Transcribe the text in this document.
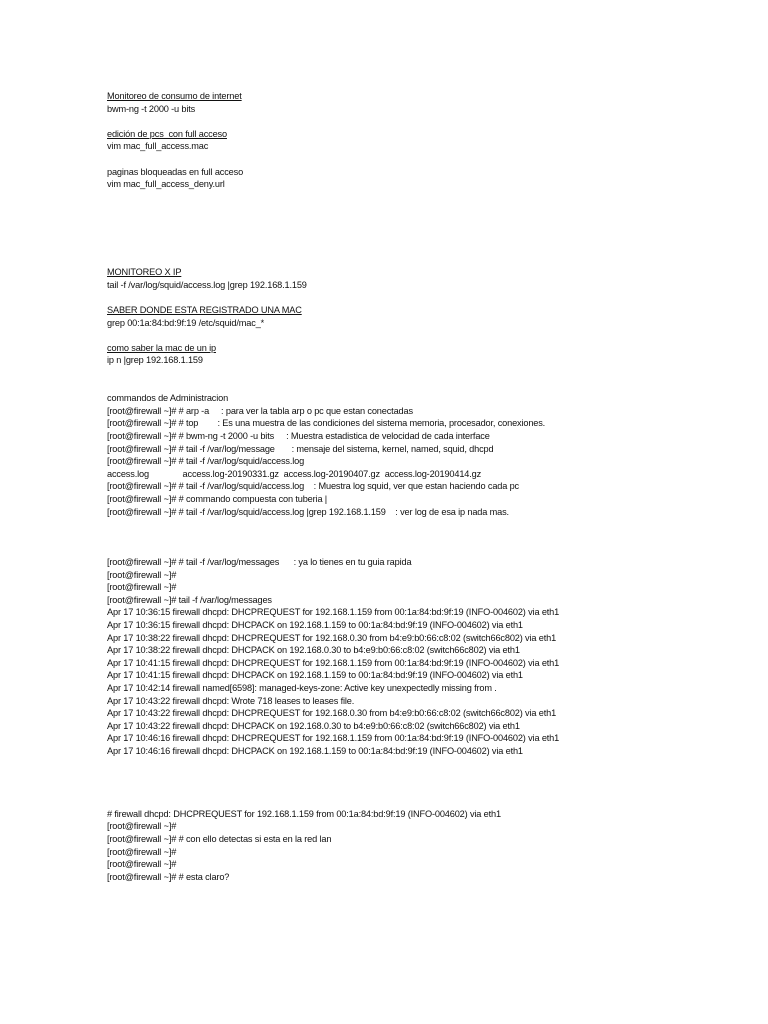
Monitoreo de consumo de internet
bwm-ng -t 2000 -u bits
edición de pcs  con full acceso
vim mac_full_access.mac
paginas bloqueadas en full acceso
vim mac_full_access_deny.url
MONITOREO X IP
tail -f /var/log/squid/access.log |grep 192.168.1.159
SABER DONDE ESTA REGISTRADO UNA MAC
grep 00:1a:84:bd:9f:19 /etc/squid/mac_*
como saber la mac de un ip
ip n |grep 192.168.1.159
commandos de Administracion
[root@firewall ~]# # arp -a     : para ver la tabla arp o pc que estan conectadas
[root@firewall ~]# # top        : Es una muestra de las condiciones del sistema memoria, procesador, conexiones.
[root@firewall ~]# # bwm-ng -t 2000 -u bits     : Muestra estadistica de velocidad de cada interface
[root@firewall ~]# # tail -f /var/log/message       : mensaje del sistema, kernel, named, squid, dhcpd
[root@firewall ~]# # tail -f /var/log/squid/access.log
access.log              access.log-20190331.gz  access.log-20190407.gz  access.log-20190414.gz
[root@firewall ~]# # tail -f /var/log/squid/access.log    : Muestra log squid, ver que estan haciendo cada pc
[root@firewall ~]# # commando compuesta con tuberia |
[root@firewall ~]# # tail -f /var/log/squid/access.log |grep 192.168.1.159    : ver log de esa ip nada mas.
[root@firewall ~]# # tail -f /var/log/messages      : ya lo tienes en tu guia rapida
[root@firewall ~]#
[root@firewall ~]#
[root@firewall ~]# tail -f /var/log/messages
Apr 17 10:36:15 firewall dhcpd: DHCPREQUEST for 192.168.1.159 from 00:1a:84:bd:9f:19 (INFO-004602) via eth1
Apr 17 10:36:15 firewall dhcpd: DHCPACK on 192.168.1.159 to 00:1a:84:bd:9f:19 (INFO-004602) via eth1
Apr 17 10:38:22 firewall dhcpd: DHCPREQUEST for 192.168.0.30 from b4:e9:b0:66:c8:02 (switch66c802) via eth1
Apr 17 10:38:22 firewall dhcpd: DHCPACK on 192.168.0.30 to b4:e9:b0:66:c8:02 (switch66c802) via eth1
Apr 17 10:41:15 firewall dhcpd: DHCPREQUEST for 192.168.1.159 from 00:1a:84:bd:9f:19 (INFO-004602) via eth1
Apr 17 10:41:15 firewall dhcpd: DHCPACK on 192.168.1.159 to 00:1a:84:bd:9f:19 (INFO-004602) via eth1
Apr 17 10:42:14 firewall named[6598]: managed-keys-zone: Active key unexpectedly missing from .
Apr 17 10:43:22 firewall dhcpd: Wrote 718 leases to leases file.
Apr 17 10:43:22 firewall dhcpd: DHCPREQUEST for 192.168.0.30 from b4:e9:b0:66:c8:02 (switch66c802) via eth1
Apr 17 10:43:22 firewall dhcpd: DHCPACK on 192.168.0.30 to b4:e9:b0:66:c8:02 (switch66c802) via eth1
Apr 17 10:46:16 firewall dhcpd: DHCPREQUEST for 192.168.1.159 from 00:1a:84:bd:9f:19 (INFO-004602) via eth1
Apr 17 10:46:16 firewall dhcpd: DHCPACK on 192.168.1.159 to 00:1a:84:bd:9f:19 (INFO-004602) via eth1
# firewall dhcpd: DHCPREQUEST for 192.168.1.159 from 00:1a:84:bd:9f:19 (INFO-004602) via eth1
[root@firewall ~]#
[root@firewall ~]# # con ello detectas si esta en la red lan
[root@firewall ~]#
[root@firewall ~]#
[root@firewall ~]# # esta claro?
